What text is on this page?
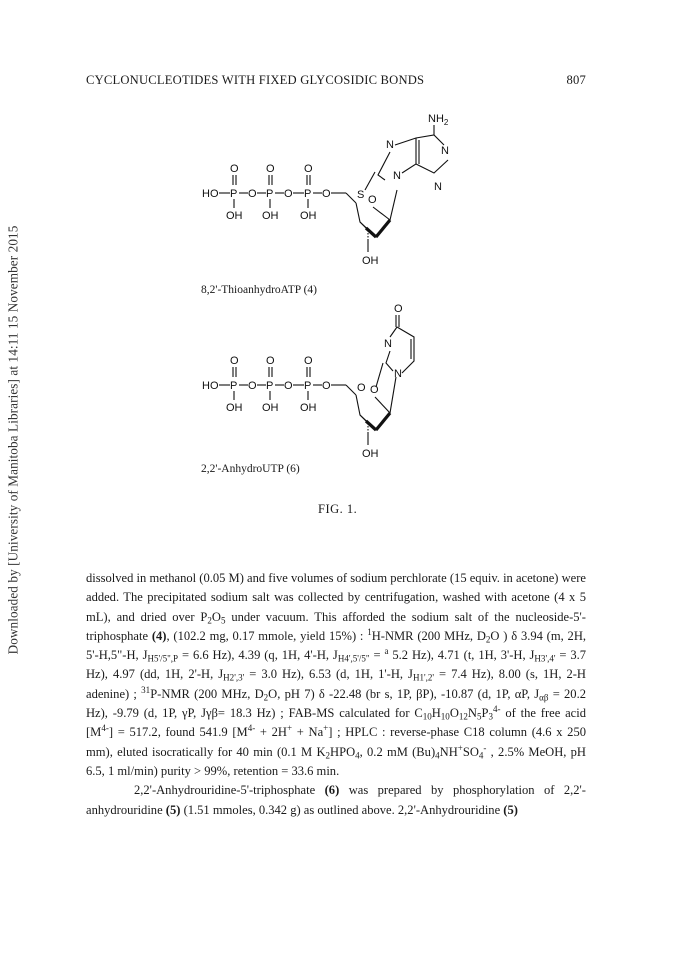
Downloaded by [University of Manitoba Libraries] at 14:11 15 November 2015
CYCLONUCLEOTIDES WITH FIXED GLYCOSIDIC BONDS	807
HO P O P O P O
O O	O
OH OH OH
S O
OH
N
N
N
N
$NH_2$
8,2'-ThioanhydroATP (4)
HO P O P O P O
O O	O
OH OH OH
O O
OH
O
N
N
2,2'-AnhydroUTP (6)
FIG. 1.

dissolved in methanol (0.05 M) and five volumes of sodium perchlorate (15 equiv. in acetone) were added. The precipitated sodium salt was collected by centrifugation, washed with acetone (4 x 5 mL), and dried over $P_2O_5$ under vacuum. This afforded the sodium salt of the nucleoside-5'-triphosphate (4), (102.2 mg, 0.17 mmole, yield 15%) : $^1$H-NMR (200 MHz, $D_2O$ ) δ 3.94 (m, 2H, 5'-H,5"-H, $J_{H5'/5",P} = 6.6$ Hz), 4.39 (q, 1H, 4'-H, $J_{H4',5'/5"} = ^a$ 5.2 Hz), 4.71 (t, 1H, 3'-H, $J_{H3',4'} = 3.7$ Hz), 4.97 (dd, 1H, 2'-H, $J_{H2',3'} = 3.0$ Hz), 6.53 (d, 1H, 1'-H, $J_{H1',2'} = 7.4$ Hz), 8.00 (s, 1H, 2-H adenine) ; $^{31}$P-NMR (200 MHz, $D_2O$, pH 7) δ -22.48 (br s, 1P, βP), -10.87 (d, 1P, αP, $J_{\alpha\beta} = 20.2$ Hz), -9.79 (d, 1P, γP, Jγβ= 18.3 Hz) ; FAB-MS calculated for $C_{10}H_{10}O_{12}N_5P_3^{4-}$ of the free acid $[M^{4-}] = 517.2$, found 541.9 $[M^{4-} + 2H^+ + Na^+]$ ; HPLC : reverse-phase C18 column (4.6 x 250 mm), eluted isocratically for 40 min (0.1 M $K_2HPO_4$, 0.2 mM $(Bu)_4NH^+SO_4^-$ , 2.5% MeOH, pH 6.5, 1 ml/min) purity > 99%, retention = 33.6 min.

2,2'-Anhydrouridine-5'-triphosphate (6) was prepared by phosphorylation of 2,2'-anhydrouridine (5) (1.51 mmoles, 0.342 g) as outlined above. 2,2'-Anhydrouridine (5)
